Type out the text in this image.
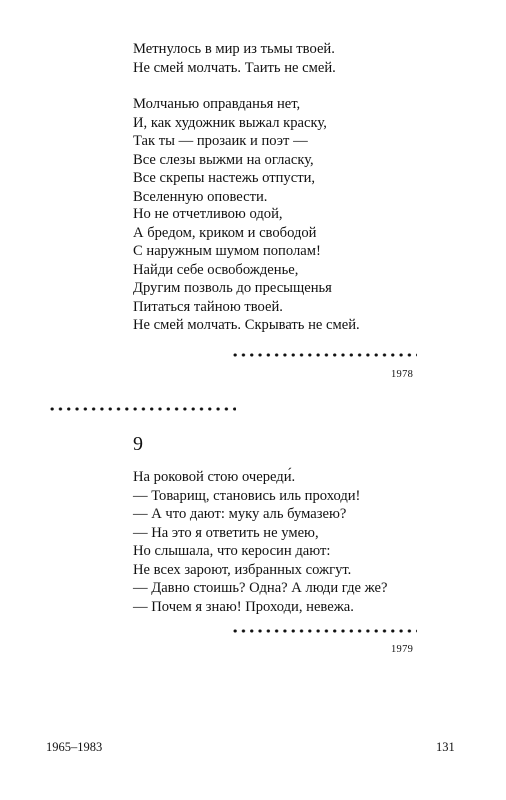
Метнулось в мир из тьмы твоей.
Не смей молчать. Таить не смей.
Молчанью оправданья нет,
И, как художник выжал краску,
Так ты — прозаик и поэт —
Все слезы выжми на огласку,
Все скрепы настежь отпусти,
Вселенную оповести.
Но не отчетливою одой,
А бредом, криком и свободой
С наружным шумом пополам!
Найди себе освобожденье,
Другим позволь до пресыщенья
Питаться тайною твоей.
Не смей молчать. Скрывать не смей.
1978
9
На роковой стою очереди́.
— Товарищ, становись иль проходи!
— А что дают: муку аль бумазею?
— На это я ответить не умею,
Но слышала, что керосин дают:
Не всех зароют, избранных сожгут.
— Давно стоишь? Одна? А люди где же?
— Почем я знаю! Проходи, невежа.
1979
1965–1983	131
